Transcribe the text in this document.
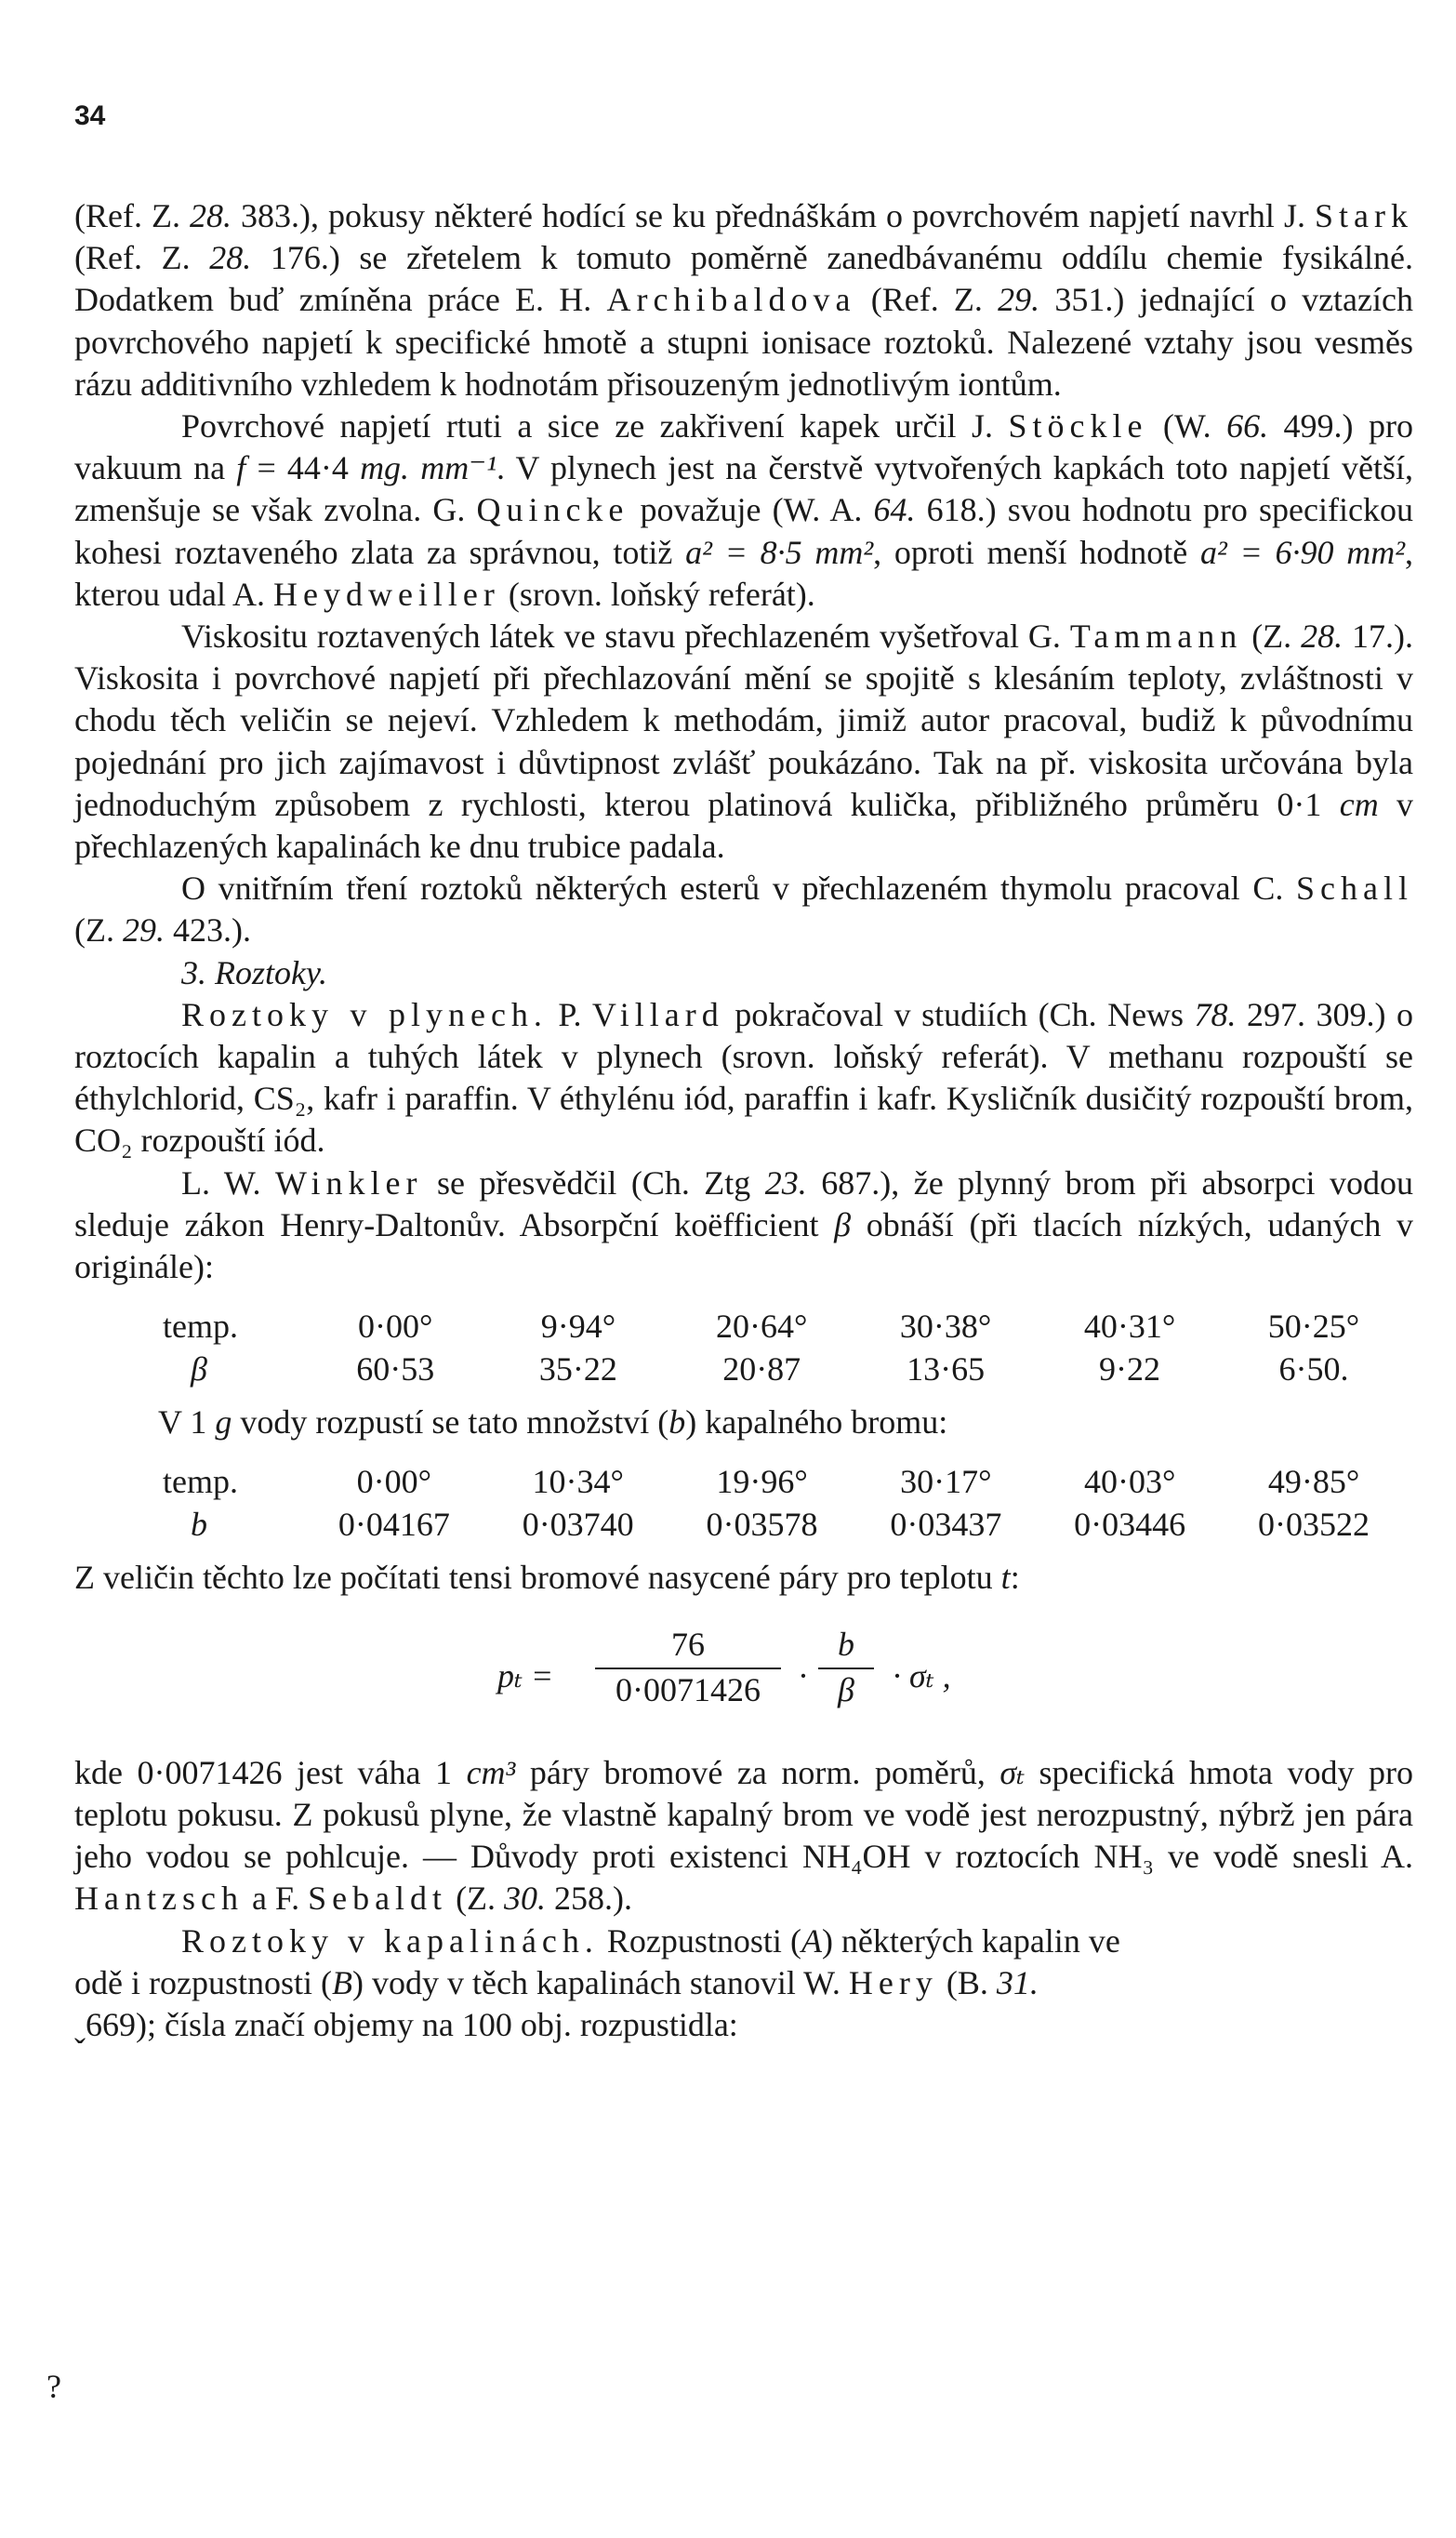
34

(Ref. Z. 28. 383.), pokusy některé hodící se ku přednáškám o povrchovém napjetí navrhl J. Stark (Ref. Z. 28. 176.) se zřetelem k tomuto poměrně zanedbávanému oddílu chemie fysikálné. Dodatkem buď zmíněna práce E. H. Archibaldova (Ref. Z. 29. 351.) jednající o vztazích povrchového napjetí k specifické hmotě a stupni ionisace roztoků. Nalezené vztahy jsou vesměs rázu additivního vzhledem k hodnotám přisouzeným jednotlivým iontům.

Povrchové napjetí rtuti a sice ze zakřivení kapek určil J. Stöckle (W. 66. 499.) pro vakuum na f = 44·4 mg. mm⁻¹. V plynech jest na čerstvě vytvořených kapkách toto napjetí větší, zmenšuje se však zvolna. G. Quincke považuje (W. A. 64. 618.) svou hodnotu pro specifickou kohesi roztaveného zlata za správnou, totiž a² = 8·5 mm², oproti menší hodnotě a² = 6·90 mm², kterou udal A. Heydweiller (srovn. loňský referát).

Viskositu roztavených látek ve stavu přechlazeném vyšetřoval G. Tammann (Z. 28. 17.). Viskosita i povrchové napjetí při přechlazování mění se spojitě s klesáním teploty, zvláštnosti v chodu těch veličin se nejeví. Vzhledem k methodám, jimiž autor pracoval, budiž k původnímu pojednání pro jich zajímavost i důvtipnost zvlášť poukázáno. Tak na př. viskosita určována byla jednoduchým způsobem z rychlosti, kterou platinová kulička, přibližného průměru 0·1 cm v přechlazených kapalinách ke dnu trubice padala.

O vnitřním tření roztoků některých esterů v přechlazeném thymolu pracoval C. Schall (Z. 29. 423.).

3. Roztoky.

Roztoky v plynech. P. Villard pokračoval v studiích (Ch. News 78. 297. 309.) o roztocích kapalin a tuhých látek v plynech (srovn. loňský referát). V methanu rozpouští se éthylchlorid, CS₂, kafr i paraffin. V éthylénu iód, paraffin i kafr. Kysličník dusičitý rozpouští brom, CO₂ rozpouští iód.

L. W. Winkler se přesvědčil (Ch. Ztg 23. 687.), že plynný brom při absorpci vodou sleduje zákon Henry-Daltonův. Absorpční koëfficient β obnáší (při tlacích nízkých, udaných v originále):

temp.	0·00°	9·94°	20·64°	30·38°	40·31°	50·25°
β	60·53	35·22	20·87	13·65	9·22	6·50.

V 1 g vody rozpustí se tato množství (b) kapalného bromu:

temp.	0·00°	10·34°	19·96°	30·17°	40·03°	49·85°
b	0·04167	0·03740	0·03578	0·03437	0·03446	0·03522

Z veličin těchto lze počítati tensi bromové nasycené páry pro teplotu t:

$p_t = \frac{76}{0\cdot 0071426} \cdot \frac{b}{\beta} \cdot \sigma_t$ ,

kde 0·0071426 jest váha 1 cm³ páry bromové za norm. poměrů, σₜ specifická hmota vody pro teplotu pokusu. Z pokusů plyne, že vlastně kapalný brom ve vodě jest nerozpustný, nýbrž jen pára jeho vodou se pohlcuje. — Důvody proti existenci NH₄OH v roztocích NH₃ ve vodě snesli A. Hantzsch a F. Sebaldt (Z. 30. 258.).

Roztoky v kapalinách. Rozpustnosti (A) některých kapalin ve
odě i rozpustnosti (B) vody v těch kapalinách stanovil W. Hery (B. 31.
ˬ669); čísla značí objemy na 100 obj. rozpustidla:

?
